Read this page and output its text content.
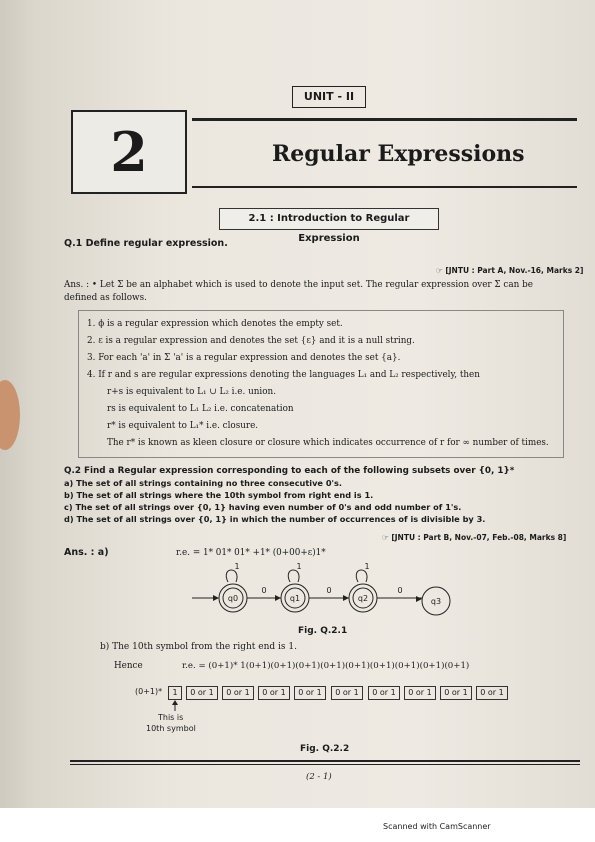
UNIT - II
2	Regular Expressions
2.1 : Introduction to Regular Expression
Q.1 Define regular expression.
☞ [JNTU : Part A, Nov.-16, Marks 2]
Ans. : • Let Σ be an alphabet which is used to denote the input set. The regular expression over Σ can be
defined as follows.
1. ϕ is a regular expression which denotes the empty set.
2. ε is a regular expression and denotes the set {ε} and it is a null string.
3. For each 'a' in Σ 'a' is a regular expression and denotes the set {a}.
4. If r and s are regular expressions denoting the languages L₁ and L₂ respectively, then
r+s is equivalent to L₁ ∪ L₂ i.e. union.
rs is equivalent to L₁ L₂ i.e. concatenation
r* is equivalent to L₁* i.e. closure.
The r* is known as kleen closure or closure which indicates occurrence of r for ∞ number of times.
Q.2 Find a Regular expression corresponding to each of the following subsets over {0, 1}*
a) The set of all strings containing no three consecutive 0's.
b) The set of all strings where the 10th symbol from right end is 1.
c) The set of all strings over {0, 1} having even number of 0's and odd number of 1's.
d) The set of all strings over {0, 1} in which the number of occurrences of is divisible by 3.
☞ [JNTU : Part B, Nov.-07, Feb.-08, Marks 8]
Ans. : a)	r.e. = 1* 01* 01* +1* (0+00+ε)1*
1	1	1
0	0	0
q0	q1	q2	q3
Fig. Q.2.1
b) The 10th symbol from the right end is 1.
Hence	r.e. = (0+1)* 1(0+1)(0+1)(0+1)(0+1)(0+1)(0+1)(0+1)(0+1)(0+1)
(0+1)*	1	0 or 1	0 or 1	0 or 1	0 or 1	0 or 1	0 or 1	0 or 1	0 or 1	0 or 1
This is
10th symbol
Fig. Q.2.2
(2 - 1)
Scanned with CamScanner
